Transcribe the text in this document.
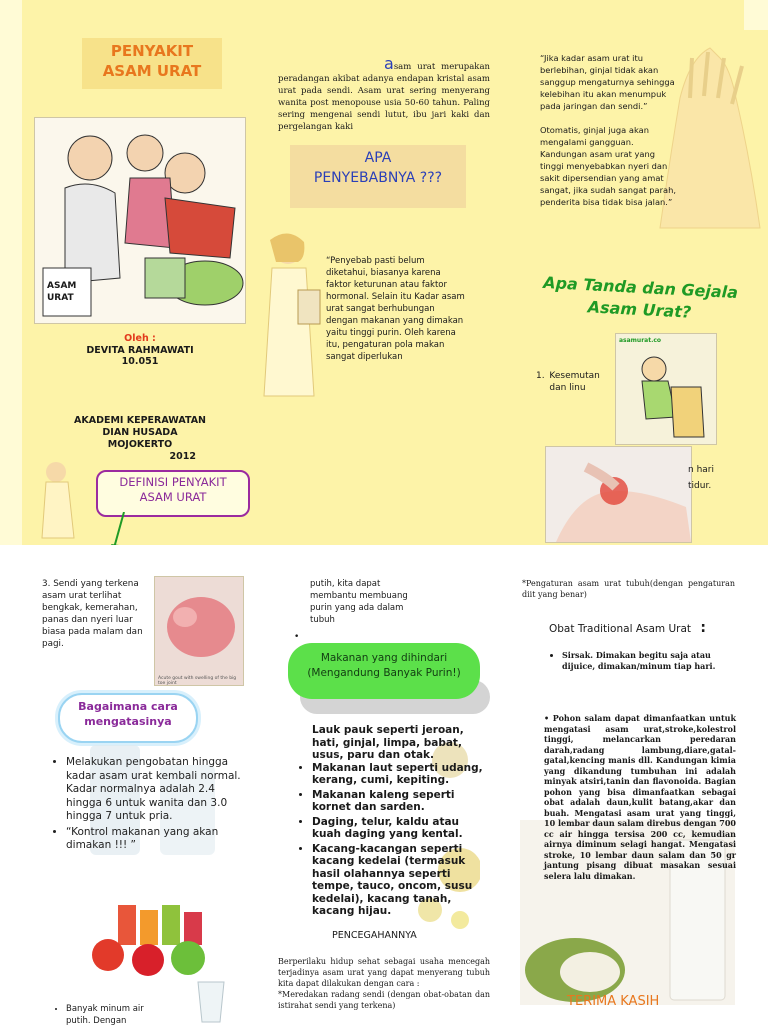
PENYAKIT
ASAM URAT
ASAM
URAT
Oleh :
DEVITA RAHMAWATI
10.051
AKADEMI KEPERAWATAN
DIAN HUSADA
MOJOKERTO
2012
DEFINISI PENYAKIT
ASAM URAT
asam urat merupakan peradangan akibat adanya endapan kristal asam urat pada sendi. Asam urat sering menyerang wanita post menopouse usia 50-60 tahun. Paling sering mengenai sendi lutut, ibu jari kaki dan pergelangan kaki
APA
PENYEBABNYA ???
“Penyebab pasti belum diketahui, biasanya karena faktor keturunan atau faktor hormonal. Selain itu Kadar asam urat sangat berhubungan dengan makanan yang dimakan yaitu tinggi purin. Oleh karena itu, pengaturan pola makan sangat diperlukan
“Jika kadar asam urat itu berlebihan, ginjal tidak akan sanggup mengaturnya sehingga kelebihan itu akan menumpuk pada jaringan dan sendi.”
Otomatis, ginjal juga akan mengalami gangguan. Kandungan asam urat yang tinggi menyebabkan nyeri dan sakit dipersendian yang amat sangat, jika sudah sangat parah, penderita bisa tidak bisa jalan.”
Apa Tanda dan Gejala
Asam Urat?
asamurat.co
1. Kesemutan dan linu
n hari
tidur.
3. Sendi yang terkena asam urat terlihat bengkak, kemerahan, panas dan nyeri luar biasa pada malam dan pagi.
Acute gout with swelling of the big toe joint
Bagaimana cara
mengatasinya
• Melakukan pengobatan hingga kadar asam urat kembali normal. Kadar normalnya adalah 2.4 hingga 6 untuk wanita dan 3.0 hingga 7 untuk pria.
• “Kontrol makanan yang akan dimakan !!! ”
• Banyak minum air putih. Dengan
putih, kita dapat membantu membuang purin yang ada dalam tubuh
•
Makanan yang dihindari
(Mengandung Banyak Purin!)
Lauk pauk seperti jeroan, hati, ginjal, limpa, babat, usus, paru dan otak.
• Makanan laut seperti udang, kerang, cumi, kepiting.
• Makanan kaleng seperti kornet dan sarden.
• Daging, telur, kaldu atau kuah daging yang kental.
• Kacang-kacangan seperti kacang kedelai (termasuk hasil olahannya seperti tempe, tauco, oncom, susu kedelai), kacang tanah, kacang hijau.
PENCEGAHANNYA
Berperilaku hidup sehat sebagai usaha mencegah terjadinya asam urat yang dapat menyerang tubuh kita dapat dilakukan dengan cara :
*Meredakan radang sendi (dengan obat-obatan dan istirahat sendi yang terkena)
*Pengaturan asam urat tubuh(dengan pengaturan diit yang benar)
Obat Traditional Asam Urat :
• Sirsak. Dimakan begitu saja atau dijuice, dimakan/minum tiap hari.
• Pohon salam dapat dimanfaatkan untuk mengatasi asam urat,stroke,kolestrol tinggi, melancarkan peredaran darah,radang lambung,diare,gatal-gatal,kencing manis dll. Kandungan kimia yang dikandung tumbuhan ini adalah minyak atsiri,tanin dan flavonoida. Bagian pohon yang bisa dimanfaatkan sebagai obat adalah daun,kulit batang,akar dan buah. Mengatasi asam urat yang tinggi, 10 lembar daun salam direbus dengan 700 cc air hingga tersisa 200 cc, kemudian airnya diminum selagi hangat. Mengatasi stroke, 10 lembar daun salam dan 50 gr jantung pisang dibuat masakan sesuai selera lalu dimakan.
TERIMA KASIH
